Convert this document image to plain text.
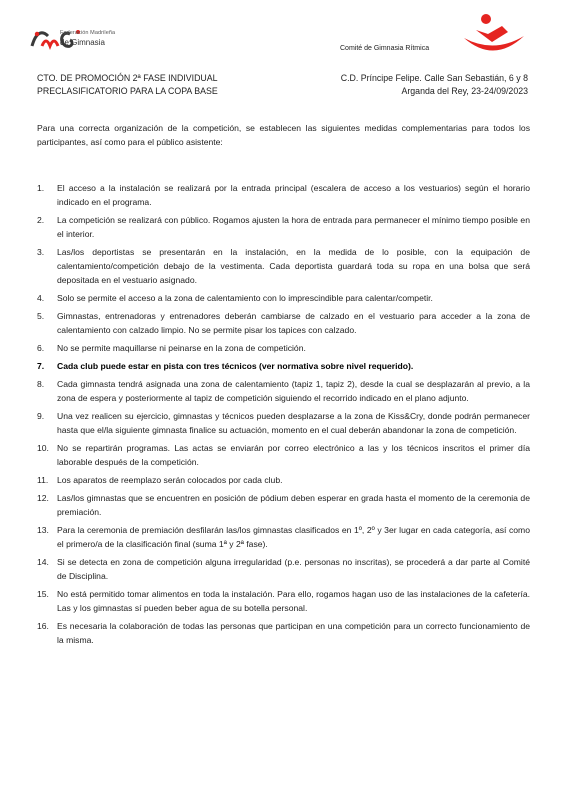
Federación Madrileña
de Gimnasia
Comité de Gimnasia Rítmica
CTO. DE PROMOCIÓN 2ª FASE INDIVIDUAL
PRECLASIFICATORIO PARA LA COPA BASE
C.D. Príncipe Felipe. Calle San Sebastián, 6 y 8
Arganda del Rey, 23-24/09/2023
Para una correcta organización de la competición, se establecen las siguientes medidas complementarias para todos los participantes, así como para el público asistente:
1.	El acceso a la instalación se realizará por la entrada principal (escalera de acceso a los vestuarios) según el horario indicado en el programa.
2.	La competición se realizará con público. Rogamos ajusten la hora de entrada para permanecer el mínimo tiempo posible en el interior.
3.	Las/los deportistas se presentarán en la instalación, en la medida de lo posible, con la equipación de calentamiento/competición debajo de la vestimenta. Cada deportista guardará toda su ropa en una bolsa que será depositada en el vestuario asignado.
4.	Solo se permite el acceso a la zona de calentamiento con lo imprescindible para calentar/competir.
5.	Gimnastas, entrenadoras y entrenadores deberán cambiarse de calzado en el vestuario para acceder a la zona de calentamiento con calzado limpio. No se permite pisar los tapices con calzado.
6.	No se permite maquillarse ni peinarse en la zona de competición.
7.	Cada club puede estar en pista con tres técnicos (ver normativa sobre nivel requerido).
8.	Cada gimnasta tendrá asignada una zona de calentamiento (tapiz 1, tapiz 2), desde la cual se desplazarán al previo, a la zona de espera y posteriormente al tapiz de competición siguiendo el recorrido indicado en el plano adjunto.
9.	Una vez realicen su ejercicio, gimnastas y técnicos pueden desplazarse a la zona de Kiss&Cry, donde podrán permanecer hasta que el/la siguiente gimnasta finalice su actuación, momento en el cual deberán abandonar la zona de competición.
10. No se repartirán programas. Las actas se enviarán por correo electrónico a las y los técnicos inscritos el primer día laborable después de la competición.
11.	Los aparatos de reemplazo serán colocados por cada club.
12. Las/los gimnastas que se encuentren en posición de pódium deben esperar en grada hasta el momento de la ceremonia de premiación.
13. Para la ceremonia de premiación desfilarán las/los gimnastas clasificados en 1º, 2º y 3er lugar en cada categoría, así como el primero/a de la clasificación final (suma 1ª y 2ª fase).
14. Si se detecta en zona de competición alguna irregularidad (p.e. personas no inscritas), se procederá a dar parte al Comité de Disciplina.
15. No está permitido tomar alimentos en toda la instalación. Para ello, rogamos hagan uso de las instalaciones de la cafetería. Las y los gimnastas sí pueden beber agua de su botella personal.
16. Es necesaria la colaboración de todas las personas que participan en una competición para un correcto funcionamiento de la misma.
